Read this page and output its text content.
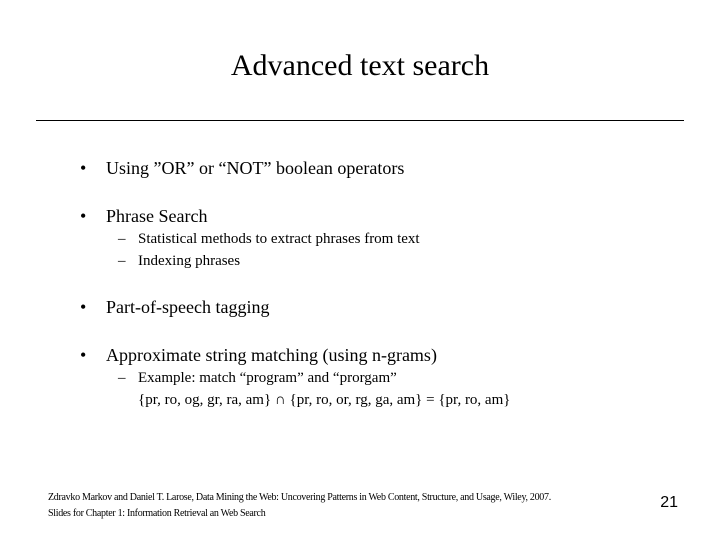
Advanced text search
• Using ”OR” or “NOT” boolean operators
• Phrase Search
– Statistical methods to extract phrases from text
– Indexing phrases
• Part-of-speech tagging
• Approximate string matching (using n-grams)
– Example: match “program” and “prorgam”
{pr, ro, og, gr, ra, am} ∩ {pr, ro, or, rg, ga, am} = {pr, ro, am}
Zdravko Markov and Daniel T. Larose, Data Mining the Web: Uncovering Patterns in Web Content, Structure, and Usage, Wiley, 2007.
Slides for Chapter 1: Information Retrieval an Web Search
21
